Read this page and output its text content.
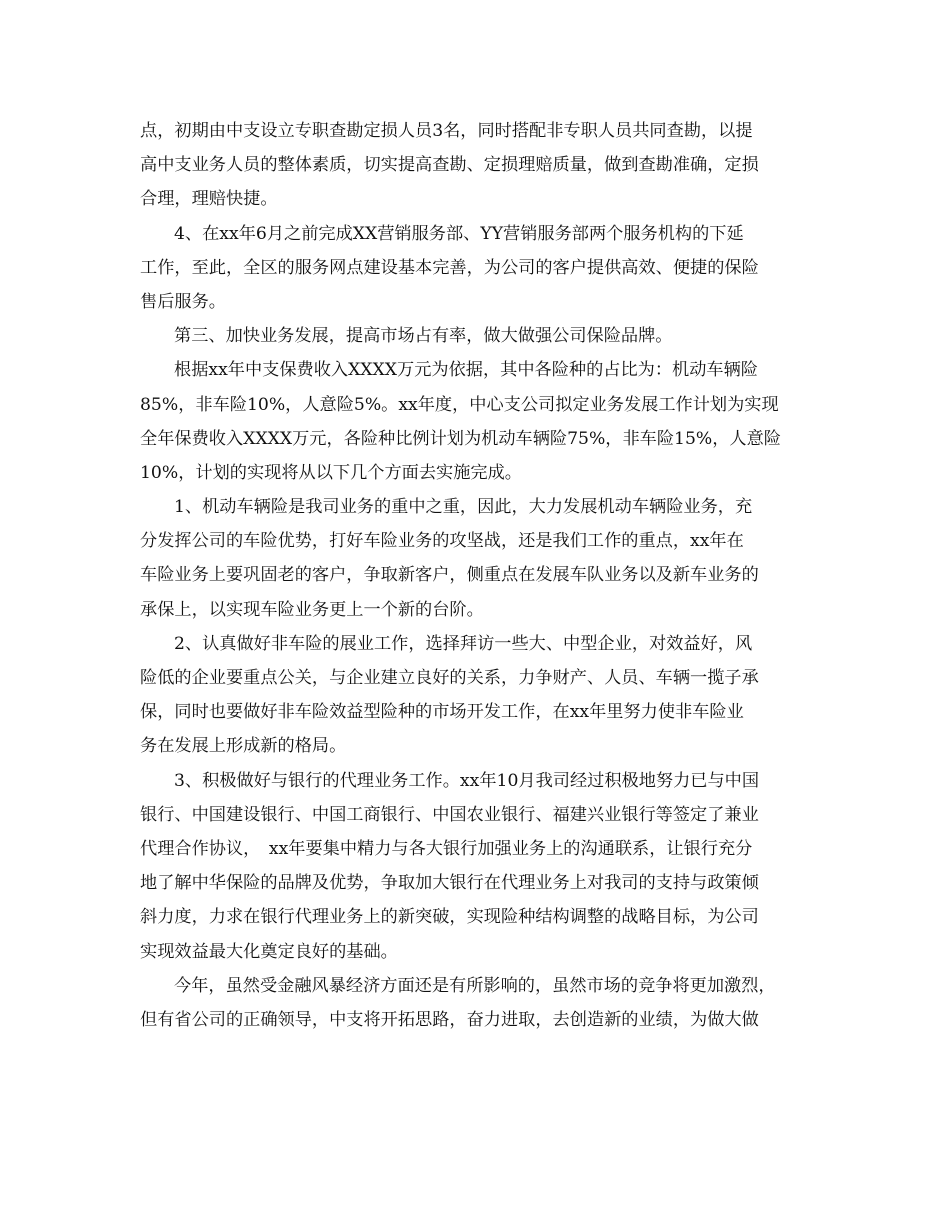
点，初期由中支设立专职查勘定损人员3名，同时搭配非专职人员共同查勘，以提
高中支业务人员的整体素质，切实提高查勘、定损理赔质量，做到查勘准确，定损
合理，理赔快捷。
4、在xx年6月之前完成XX营销服务部、YY营销服务部两个服务机构的下延
工作，至此，全区的服务网点建设基本完善，为公司的客户提供高效、便捷的保险
售后服务。
第三、加快业务发展，提高市场占有率，做大做强公司保险品牌。
根据xx年中支保费收入XXXX万元为依据，其中各险种的占比为：机动车辆险
85%，非车险10%，人意险5%。xx年度，中心支公司拟定业务发展工作计划为实现
全年保费收入XXXX万元，各险种比例计划为机动车辆险75%，非车险15%，人意险
10%，计划的实现将从以下几个方面去实施完成。
1、机动车辆险是我司业务的重中之重，因此，大力发展机动车辆险业务，充
分发挥公司的车险优势，打好车险业务的攻坚战，还是我们工作的重点，xx年在
车险业务上要巩固老的客户，争取新客户，侧重点在发展车队业务以及新车业务的
承保上，以实现车险业务更上一个新的台阶。
2、认真做好非车险的展业工作，选择拜访一些大、中型企业，对效益好，风
险低的企业要重点公关，与企业建立良好的关系，力争财产、人员、车辆一揽子承
保，同时也要做好非车险效益型险种的市场开发工作，在xx年里努力使非车险业
务在发展上形成新的格局。
3、积极做好与银行的代理业务工作。xx年10月我司经过积极地努力已与中国
银行、中国建设银行、中国工商银行、中国农业银行、福建兴业银行等签定了兼业
代理合作协议，　xx年要集中精力与各大银行加强业务上的沟通联系，让银行充分
地了解中华保险的品牌及优势，争取加大银行在代理业务上对我司的支持与政策倾
斜力度，力求在银行代理业务上的新突破，实现险种结构调整的战略目标，为公司
实现效益最大化奠定良好的基础。
今年，虽然受金融风暴经济方面还是有所影响的，虽然市场的竞争将更加激烈，
但有省公司的正确领导，中支将开拓思路，奋力进取，去创造新的业绩，为做大做
